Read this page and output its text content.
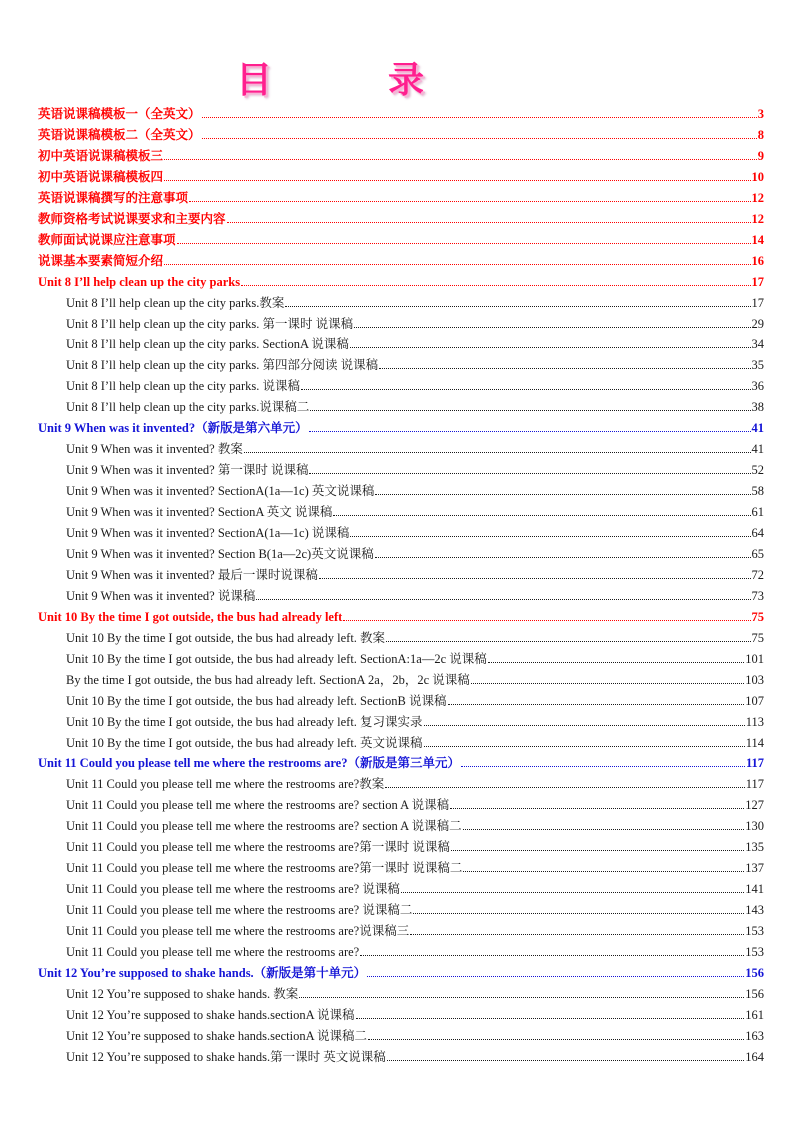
目　录
英语说课稿模板一（全英文）	3
英语说课稿模板二（全英文）	8
初中英语说课稿模板三	9
初中英语说课稿模板四	10
英语说课稿撰写的注意事项	12
教师资格考试说课要求和主要内容	12
教师面试说课应注意事项	14
说课基本要素简短介绍	16
Unit 8 I’ll help clean up the city parks	17
Unit 8 I’ll help clean up the city parks.教案	17
Unit 8 I’ll help clean up the city parks. 第一课时 说课稿	29
Unit 8 I’ll help clean up the city parks. SectionA 说课稿	34
Unit 8 I’ll help clean up the city parks. 第四部分阅读 说课稿	35
Unit 8 I’ll help clean up the city parks. 说课稿	36
Unit 8 I’ll help clean up the city parks.说课稿二	38
Unit 9 When was it invented?（新版是第六单元）	41
Unit 9 When was it invented? 教案	41
Unit 9 When was it invented? 第一课时 说课稿	52
Unit 9 When was it invented? SectionA(1a—1c) 英文说课稿	58
Unit 9 When was it invented? SectionA 英文 说课稿	61
Unit 9 When was it invented? SectionA(1a—1c) 说课稿	64
Unit 9 When was it invented? Section B(1a—2c)英文说课稿	65
Unit 9 When was it invented? 最后一课时说课稿	72
Unit 9 When was it invented? 说课稿	73
Unit 10 By the time I got outside, the bus had already left	75
Unit 10 By the time I got outside, the bus had already left. 教案	75
Unit 10 By the time I got outside, the bus had already left. SectionA:1a—2c 说课稿	101
By the time I got outside, the bus had already left. SectionA 2a，2b，2c 说课稿	103
Unit 10 By the time I got outside, the bus had already left. SectionB 说课稿	107
Unit 10 By the time I got outside, the bus had already left. 复习课实录	113
Unit 10 By the time I got outside, the bus had already left. 英文说课稿	114
Unit 11 Could you please tell me where the restrooms are?（新版是第三单元）	117
Unit 11 Could you please tell me where the restrooms are?教案	117
Unit 11 Could you please tell me where the restrooms are? section A 说课稿	127
Unit 11 Could you please tell me where the restrooms are? section A 说课稿二	130
Unit 11 Could you please tell me where the restrooms are?第一课时 说课稿	135
Unit 11 Could you please tell me where the restrooms are?第一课时 说课稿二	137
Unit 11 Could you please tell me where the restrooms are? 说课稿	141
Unit 11 Could you please tell me where the restrooms are? 说课稿二	143
Unit 11 Could you please tell me where the restrooms are?说课稿三	153
Unit 11 Could you please tell me where the restrooms are?	153
Unit 12 You’re supposed to shake hands.（新版是第十单元）	156
Unit 12 You’re supposed to shake hands. 教案	156
Unit 12 You’re supposed to shake hands.sectionA 说课稿	161
Unit 12 You’re supposed to shake hands.sectionA 说课稿二	163
Unit 12 You’re supposed to shake hands.第一课时 英文说课稿	164
